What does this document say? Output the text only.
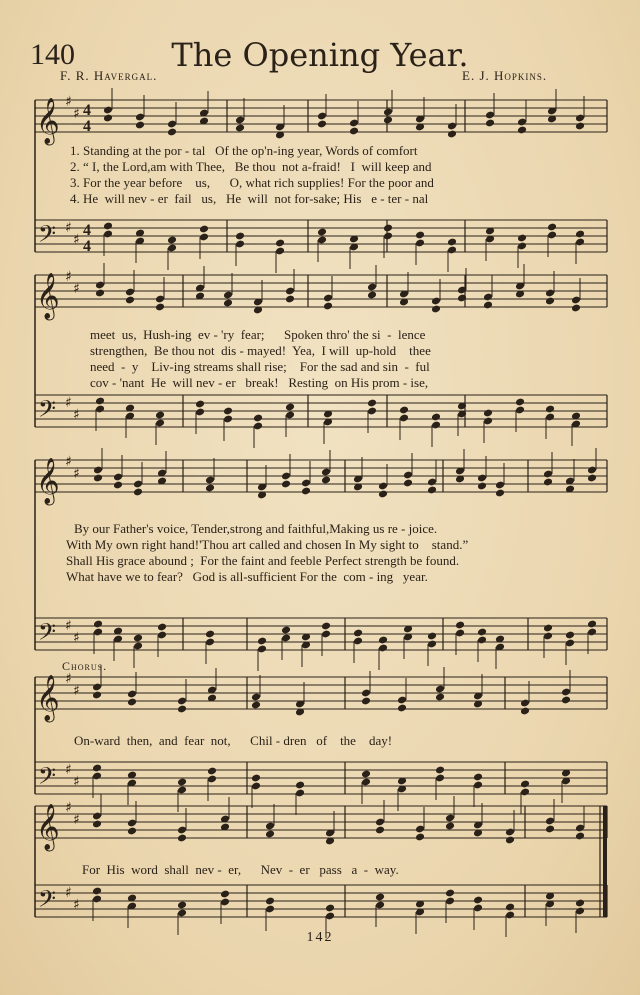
140	The Opening Year.
F. R. Havergal.	E. J. Hopkins.
𝄞
𝄢
♯
♯
♯
♯
4
4
4
4
𝄞
𝄢
♯
♯
♯
♯
𝄞
𝄢
♯
♯
♯
♯
𝄞
𝄢
♯
♯
♯
♯
𝄞
𝄢
♯
♯
♯
♯
1. Standing at the por - tal   Of the op'n-ing year, Words of comfort
2. “ I, the Lord,am with Thee,   Be thou  not a-fraid!   I  will keep and
3. For the year before    us,      O, what rich supplies! For the poor and
4. He  will nev - er  fail   us,   He  will  not for-sake; His   e - ter - nal
meet  us,  Hush-ing  ev - 'ry  fear;      Spoken thro' the si  -  lence
strengthen,  Be thou not  dis - mayed!  Yea,  I will  up-hold    thee
need  -  y    Liv-ing streams shall rise;    For the sad and sin  -  ful
cov - 'nant  He  will nev - er   break!   Resting  on His prom - ise,
By our Father's voice, Tender,strong and faithful,Making us re - joice.
With My own right hand!'Thou art called and chosen In My sight to    stand.”
Shall His grace abound ;  For the faint and feeble Perfect strength be found.
What have we to fear?   God is all-sufficient For the  com - ing   year.
Chorus.
On-ward  then,  and  fear  not,      Chil - dren   of    the    day!
For  His  word  shall  nev -  er,      Nev  -  er   pass   a  -  way.
142
